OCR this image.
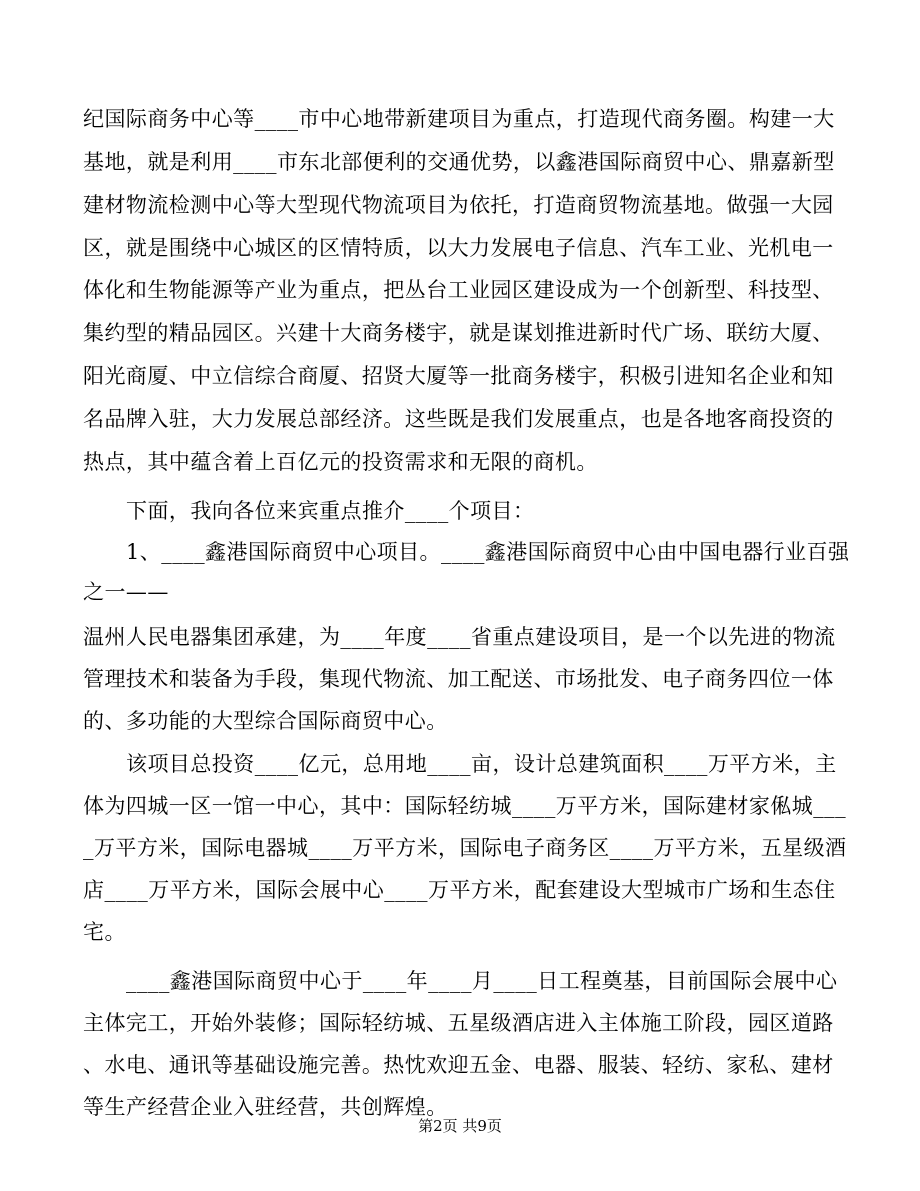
纪国际商务中心等____市中心地带新建项目为重点，打造现代商务圈。构建一大
基地，就是利用____市东北部便利的交通优势，以鑫港国际商贸中心、鼎嘉新型
建材物流检测中心等大型现代物流项目为依托，打造商贸物流基地。做强一大园
区，就是围绕中心城区的区情特质，以大力发展电子信息、汽车工业、光机电一
体化和生物能源等产业为重点，把丛台工业园区建设成为一个创新型、科技型、
集约型的精品园区。兴建十大商务楼宇，就是谋划推进新时代广场、联纺大厦、
阳光商厦、中立信综合商厦、招贤大厦等一批商务楼宇，积极引进知名企业和知
名品牌入驻，大力发展总部经济。这些既是我们发展重点，也是各地客商投资的
热点，其中蕴含着上百亿元的投资需求和无限的商机。
下面，我向各位来宾重点推介____个项目：
1、____鑫港国际商贸中心项目。____鑫港国际商贸中心由中国电器行业百强
之一——
温州人民电器集团承建，为____年度____省重点建设项目，是一个以先进的物流
管理技术和装备为手段，集现代物流、加工配送、市场批发、电子商务四位一体
的、多功能的大型综合国际商贸中心。
该项目总投资____亿元，总用地____亩，设计总建筑面积____万平方米，主
体为四城一区一馆一中心，其中：国际轻纺城____万平方米，国际建材家俬城___
_万平方米，国际电器城____万平方米，国际电子商务区____万平方米，五星级酒
店____万平方米，国际会展中心____万平方米，配套建设大型城市广场和生态住
宅。
____鑫港国际商贸中心于____年____月____日工程奠基，目前国际会展中心
主体完工，开始外装修；国际轻纺城、五星级酒店进入主体施工阶段，园区道路
、水电、通讯等基础设施完善。热忱欢迎五金、电器、服装、轻纺、家私、建材
等生产经营企业入驻经营，共创辉煌。
第2页 共9页
